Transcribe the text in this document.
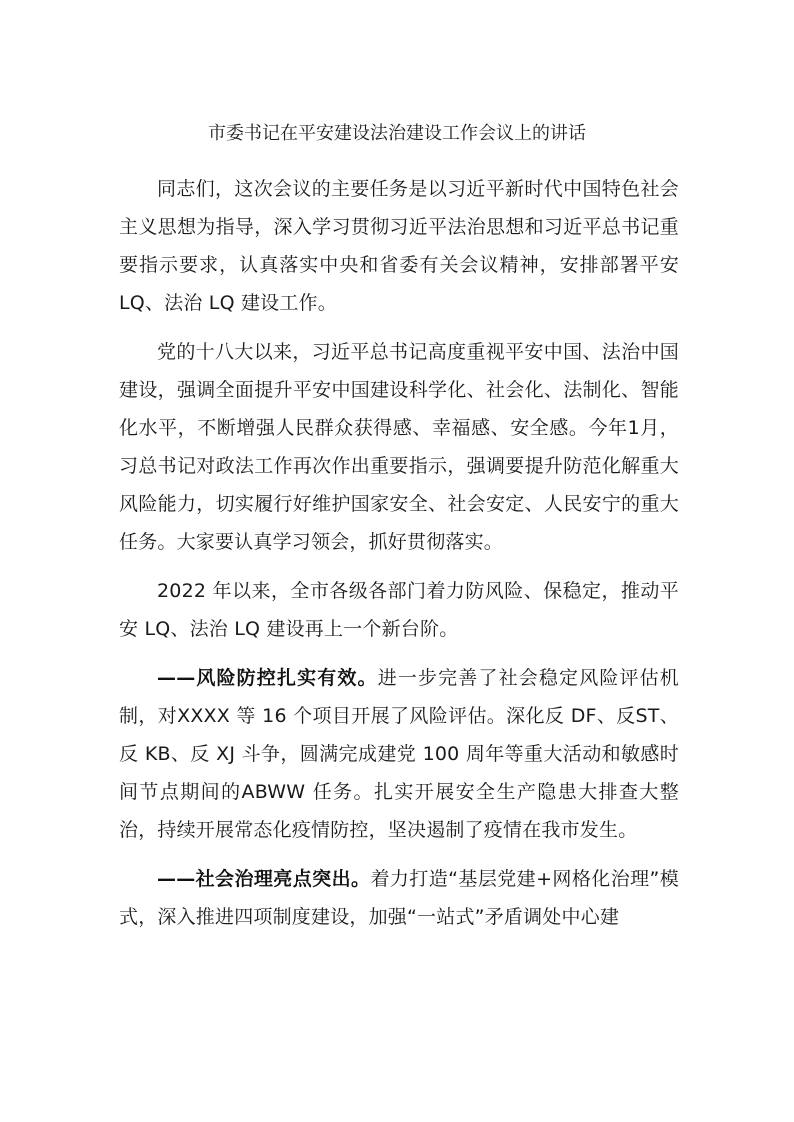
市委书记在平安建设法治建设工作会议上的讲话

同志们，这次会议的主要任务是以习近平新时代中国特色社会主义思想为指导，深入学习贯彻习近平法治思想和习近平总书记重要指示要求，认真落实中央和省委有关会议精神，安排部署平安 LQ、法治 LQ 建设工作。

党的十八大以来，习近平总书记高度重视平安中国、法治中国建设，强调全面提升平安中国建设科学化、社会化、法制化、智能化水平，不断增强人民群众获得感、幸福感、安全感。今年1月，习总书记对政法工作再次作出重要指示，强调要提升防范化解重大风险能力，切实履行好维护国家安全、社会安定、人民安宁的重大任务。大家要认真学习领会，抓好贯彻落实。

2022 年以来，全市各级各部门着力防风险、保稳定，推动平安 LQ、法治 LQ 建设再上一个新台阶。

——风险防控扎实有效。进一步完善了社会稳定风险评估机制，对XXXX 等 16 个项目开展了风险评估。深化反 DF、反ST、反 KB、反 XJ 斗争，圆满完成建党 100 周年等重大活动和敏感时间节点期间的ABWW 任务。扎实开展安全生产隐患大排查大整治，持续开展常态化疫情防控，坚决遏制了疫情在我市发生。

——社会治理亮点突出。着力打造“基层党建+网格化治理”模式，深入推进四项制度建设，加强“一站式”矛盾调处中心建
